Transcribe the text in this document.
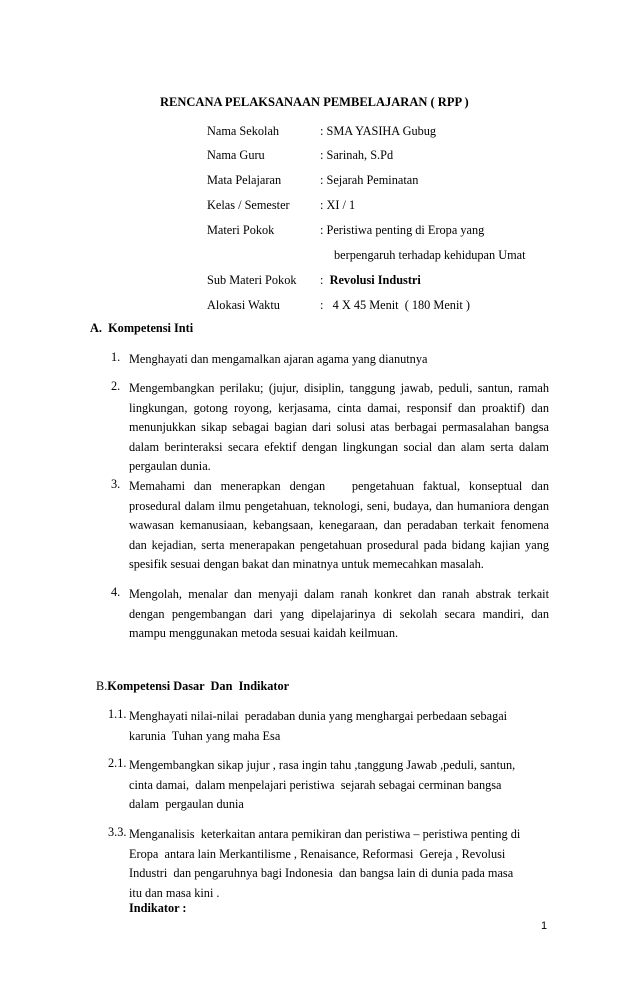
RENCANA PELAKSANAAN PEMBELAJARAN ( RPP )
Nama Sekolah	: SMA YASIHA Gubug
Nama Guru	: Sarinah, S.Pd
Mata Pelajaran	: Sejarah Peminatan
Kelas / Semester : XI / 1
Materi Pokok	: Peristiwa penting di Eropa yang
berpengaruh terhadap kehidupan Umat
Sub Materi Pokok :  Revolusi Industri
Alokasi Waktu	:   4 X 45 Menit  ( 180 Menit )
A.  Kompetensi Inti
1. Menghayati dan mengamalkan ajaran agama yang dianutnya
2. Mengembangkan perilaku; (jujur, disiplin, tanggung jawab, peduli, santun, ramah lingkungan, gotong royong, kerjasama, cinta damai, responsif dan proaktif) dan menunjukkan sikap sebagai bagian dari solusi atas berbagai permasalahan bangsa dalam berinteraksi secara efektif dengan lingkungan social dan alam serta dalam pergaulan dunia.
3. Memahami dan menerapkan dengan   pengetahuan faktual, konseptual dan prosedural dalam ilmu pengetahuan, teknologi, seni, budaya, dan humaniora dengan wawasan kemanusiaan, kebangsaan, kenegaraan, dan peradaban terkait fenomena dan kejadian, serta menerapakan pengetahuan prosedural pada bidang kajian yang spesifik sesuai dengan bakat dan minatnya untuk memecahkan masalah.
4. Mengolah, menalar dan menyaji dalam ranah konkret dan ranah abstrak terkait dengan pengembangan dari yang dipelajarinya di sekolah secara mandiri, dan mampu menggunakan metoda sesuai kaidah keilmuan.
B.Kompetensi Dasar  Dan  Indikator
1.1. Menghayati nilai-nilai  peradaban dunia yang menghargai perbedaan sebagai
karunia  Tuhan yang maha Esa
2.1. Mengembangkan sikap jujur , rasa ingin tahu ,tanggung Jawab ,peduli, santun,
cinta damai,  dalam menpelajari peristiwa  sejarah sebagai cerminan bangsa
dalam  pergaulan dunia
3.3. Menganalisis  keterkaitan antara pemikiran dan peristiwa – peristiwa penting di
Eropa  antara lain Merkantilisme , Renaisance, Reformasi  Gereja , Revolusi
Industri  dan pengaruhnya bagi Indonesia  dan bangsa lain di dunia pada masa
itu dan masa kini .
Indikator :
1
